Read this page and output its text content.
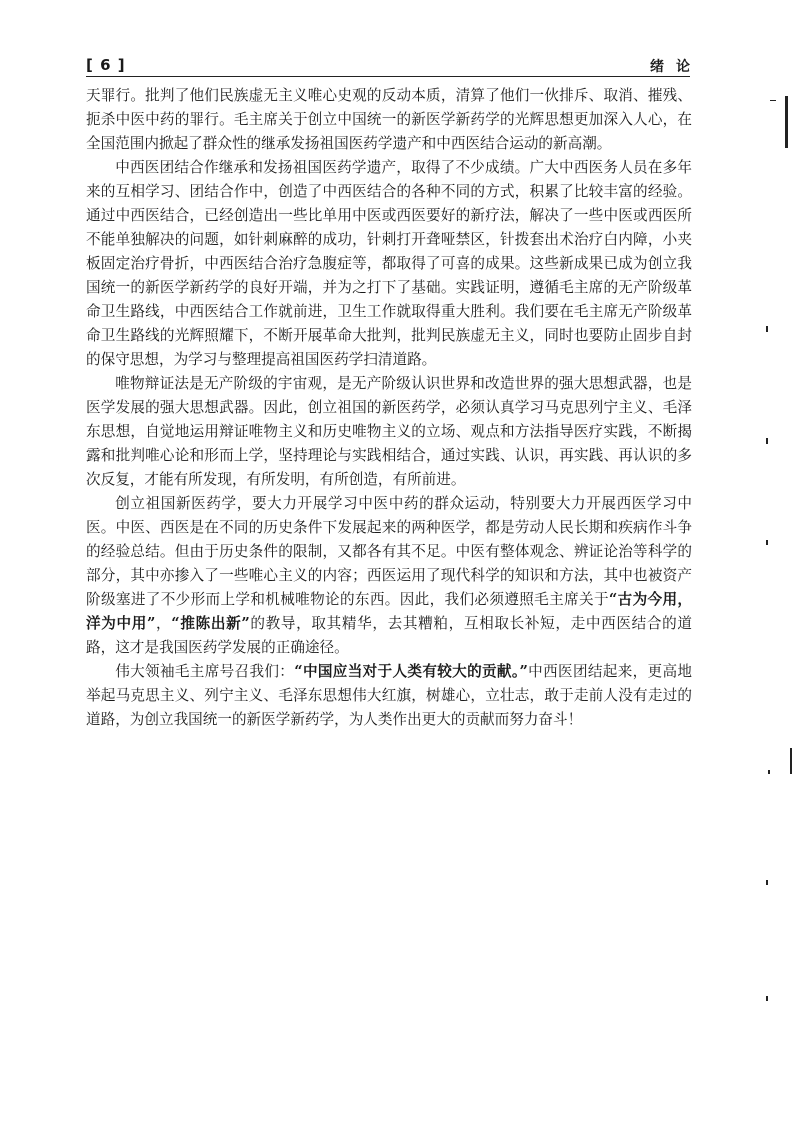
[ 6 ]	绪论

天罪行。批判了他们民族虚无主义唯心史观的反动本质，清算了他们一伙排斥、取消、摧残、扼杀中医中药的罪行。毛主席关于创立中国统一的新医学新药学的光辉思想更加深入人心，在全国范围内掀起了群众性的继承发扬祖国医药学遗产和中西医结合运动的新高潮。

中西医团结合作继承和发扬祖国医药学遗产，取得了不少成绩。广大中西医务人员在多年来的互相学习、团结合作中，创造了中西医结合的各种不同的方式，积累了比较丰富的经验。通过中西医结合，已经创造出一些比单用中医或西医要好的新疗法，解决了一些中医或西医所不能单独解决的问题，如针刺麻醉的成功，针刺打开聋哑禁区，针拨套出术治疗白内障，小夹板固定治疗骨折，中西医结合治疗急腹症等，都取得了可喜的成果。这些新成果已成为创立我国统一的新医学新药学的良好开端，并为之打下了基础。实践证明，遵循毛主席的无产阶级革命卫生路线，中西医结合工作就前进，卫生工作就取得重大胜利。我们要在毛主席无产阶级革命卫生路线的光辉照耀下，不断开展革命大批判，批判民族虚无主义，同时也要防止固步自封的保守思想，为学习与整理提高祖国医药学扫清道路。

唯物辩证法是无产阶级的宇宙观，是无产阶级认识世界和改造世界的强大思想武器，也是医学发展的强大思想武器。因此，创立祖国的新医药学，必须认真学习马克思列宁主义、毛泽东思想，自觉地运用辩证唯物主义和历史唯物主义的立场、观点和方法指导医疗实践，不断揭露和批判唯心论和形而上学，坚持理论与实践相结合，通过实践、认识，再实践、再认识的多次反复，才能有所发现，有所发明，有所创造，有所前进。

创立祖国新医药学，要大力开展学习中医中药的群众运动，特别要大力开展西医学习中医。中医、西医是在不同的历史条件下发展起来的两种医学，都是劳动人民长期和疾病作斗争的经验总结。但由于历史条件的限制，又都各有其不足。中医有整体观念、辨证论治等科学的部分，其中亦掺入了一些唯心主义的内容；西医运用了现代科学的知识和方法，其中也被资产阶级塞进了不少形而上学和机械唯物论的东西。因此，我们必须遵照毛主席关于“古为今用，洋为中用”，“推陈出新”的教导，取其精华，去其糟粕，互相取长补短，走中西医结合的道路，这才是我国医药学发展的正确途径。

伟大领袖毛主席号召我们：“中国应当对于人类有较大的贡献。”中西医团结起来，更高地举起马克思主义、列宁主义、毛泽东思想伟大红旗，树雄心，立壮志，敢于走前人没有走过的道路，为创立我国统一的新医学新药学，为人类作出更大的贡献而努力奋斗！
